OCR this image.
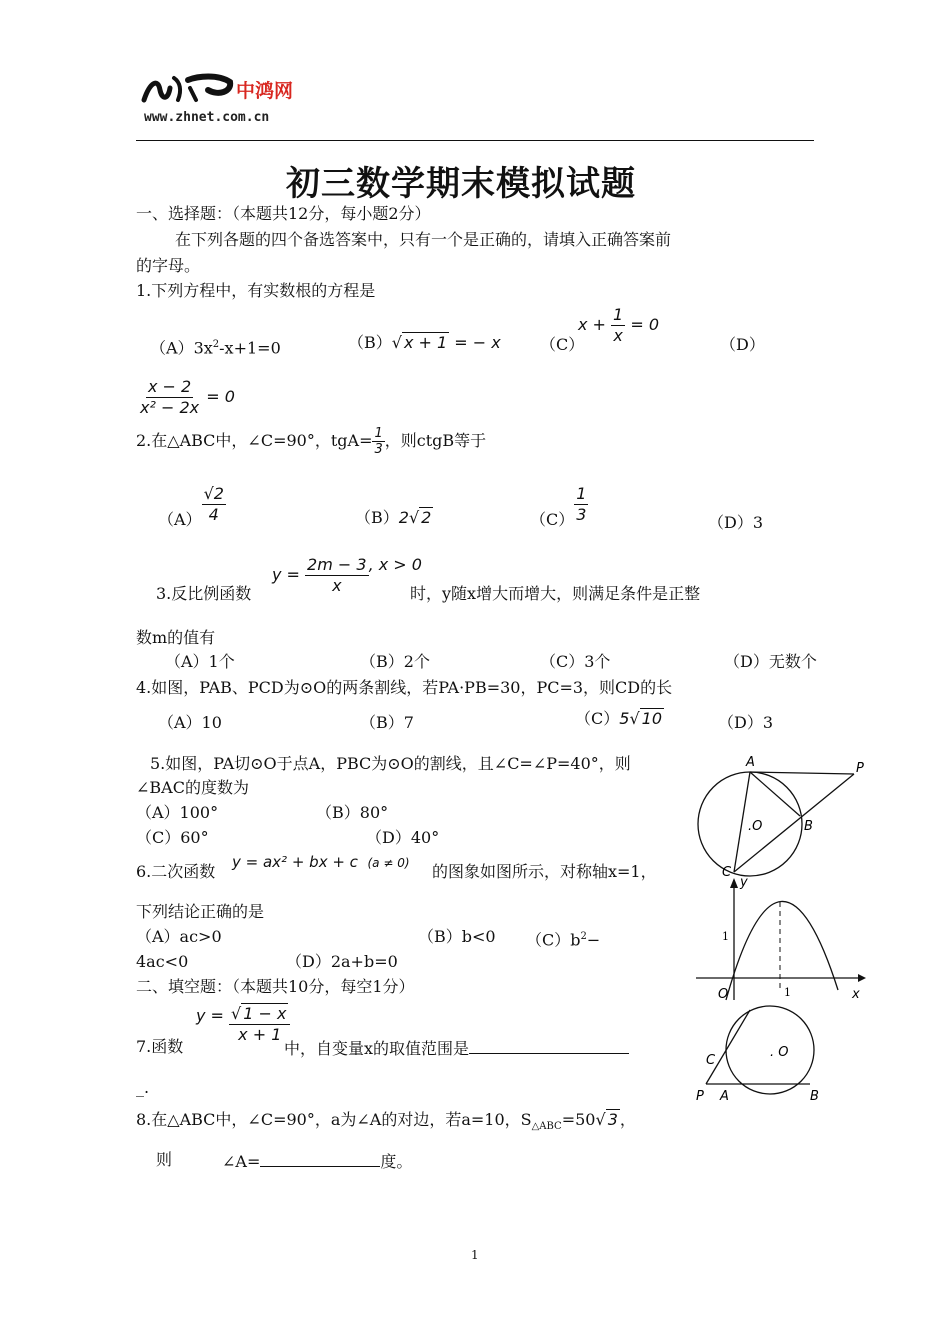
中鸿网
www.zhnet.com.cn
初三数学期末模拟试题
一、选择题：（本题共12分，每小题2分）
在下列各题的四个备选答案中，只有一个是正确的，请填入正确答案前
的字母。
1.下列方程中，有实数根的方程是
$(A)3x^2-x+1=0$	（B）√ x + 1 = − x （C）
$x + \frac{1}{x} = 0$
（D）
$\frac{x - 2}{\text{x² − 2x}} = 0$
2.在△ABC中，∠C=90°，$tgA= \frac{1}{3}$ ，则ctgB等于
$(A) \frac{√2}{4}$	（B）2√ 2	$(C) \frac{1}{3}$	（D）3
3.反比例函数
$y = \frac{2m - 3}{x}$ , x > 0
时，y随x增大而增大，则满足条件是正整
数m的值有
（A）1个	（B）2个	（C）3个	（D）无数个
4.如图，PAB、PCD为⊙O的两条割线，若PA·PB=30，PC=3，则CD的长
（A）10	（B）7	（C）5√ 10	（D）3
5.如图，PA切⊙O于点A，PBC为⊙O的割线，且∠C=∠P=40°，则
∠BAC的度数为
（A）100°	（B）80°
（C）60°	（D）40°
6.二次函数 y = ax² + bx + c (a ≠ 0) 的图象如图所示，对称轴x=1，
下列结论正确的是
（A）ac>0	（B）b<0 $(C)b^2-$
4ac<0	（D）2a+b=0
二、填空题：（本题共10分，每空1分）
7.函数
$y = \frac{√ 1 - x}{x + 1}$
中，自变量x的取值范围是
_.
8.在△ABC中，∠C=90°，a为∠A的对边，若a=10，$S_{\triangle ABC}=50√$ 3 ，
则	∠A=	度。
A	P
.O	B
C
y
1
O	1	x
. O
C
P A	B
1
